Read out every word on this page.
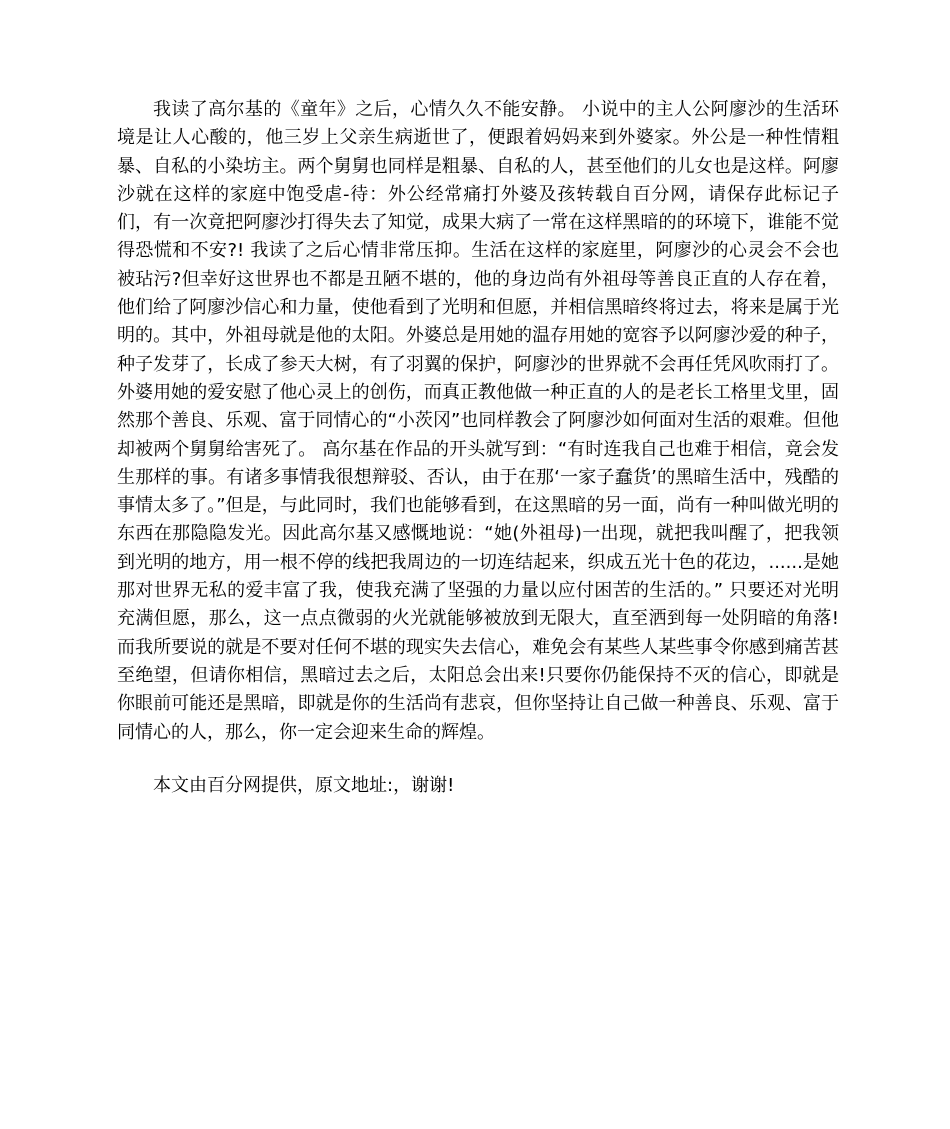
我读了高尔基的《童年》之后，心情久久不能安静。 小说中的主人公阿廖沙的生活环境是让人心酸的，他三岁上父亲生病逝世了，便跟着妈妈来到外婆家。外公是一种性情粗暴、自私的小染坊主。两个舅舅也同样是粗暴、自私的人，甚至他们的儿女也是这样。阿廖沙就在这样的家庭中饱受虐-待：外公经常痛打外婆及孩转载自百分网，请保存此标记子们，有一次竟把阿廖沙打得失去了知觉，成果大病了一常在这样黑暗的的环境下，谁能不觉得恐慌和不安?! 我读了之后心情非常压抑。生活在这样的家庭里，阿廖沙的心灵会不会也被玷污?但幸好这世界也不都是丑陋不堪的，他的身边尚有外祖母等善良正直的人存在着，他们给了阿廖沙信心和力量，使他看到了光明和但愿，并相信黑暗终将过去，将来是属于光明的。其中，外祖母就是他的太阳。外婆总是用她的温存用她的宽容予以阿廖沙爱的种子，种子发芽了，长成了参天大树，有了羽翼的保护，阿廖沙的世界就不会再任凭风吹雨打了。 外婆用她的爱安慰了他心灵上的创伤，而真正教他做一种正直的人的是老长工格里戈里，固然那个善良、乐观、富于同情心的“小茨冈”也同样教会了阿廖沙如何面对生活的艰难。但他却被两个舅舅给害死了。 高尔基在作品的开头就写到：“有时连我自己也难于相信，竟会发生那样的事。有诸多事情我很想辩驳、否认，由于在那‘一家子蠢货’的黑暗生活中，残酷的事情太多了。”但是，与此同时，我们也能够看到，在这黑暗的另一面，尚有一种叫做光明的东西在那隐隐发光。因此高尔基又感慨地说：“她(外祖母)一出现，就把我叫醒了，把我领到光明的地方，用一根不停的线把我周边的一切连结起来，织成五光十色的花边，......是她那对世界无私的爱丰富了我，使我充满了坚强的力量以应付困苦的生活的。” 只要还对光明充满但愿，那么，这一点点微弱的火光就能够被放到无限大，直至洒到每一处阴暗的角落! 而我所要说的就是不要对任何不堪的现实失去信心，难免会有某些人某些事令你感到痛苦甚至绝望，但请你相信，黑暗过去之后，太阳总会出来!只要你仍能保持不灭的信心，即就是你眼前可能还是黑暗，即就是你的生活尚有悲哀，但你坚持让自己做一种善良、乐观、富于同情心的人，那么，你一定会迎来生命的辉煌。

本文由百分网提供，原文地址:，谢谢!
